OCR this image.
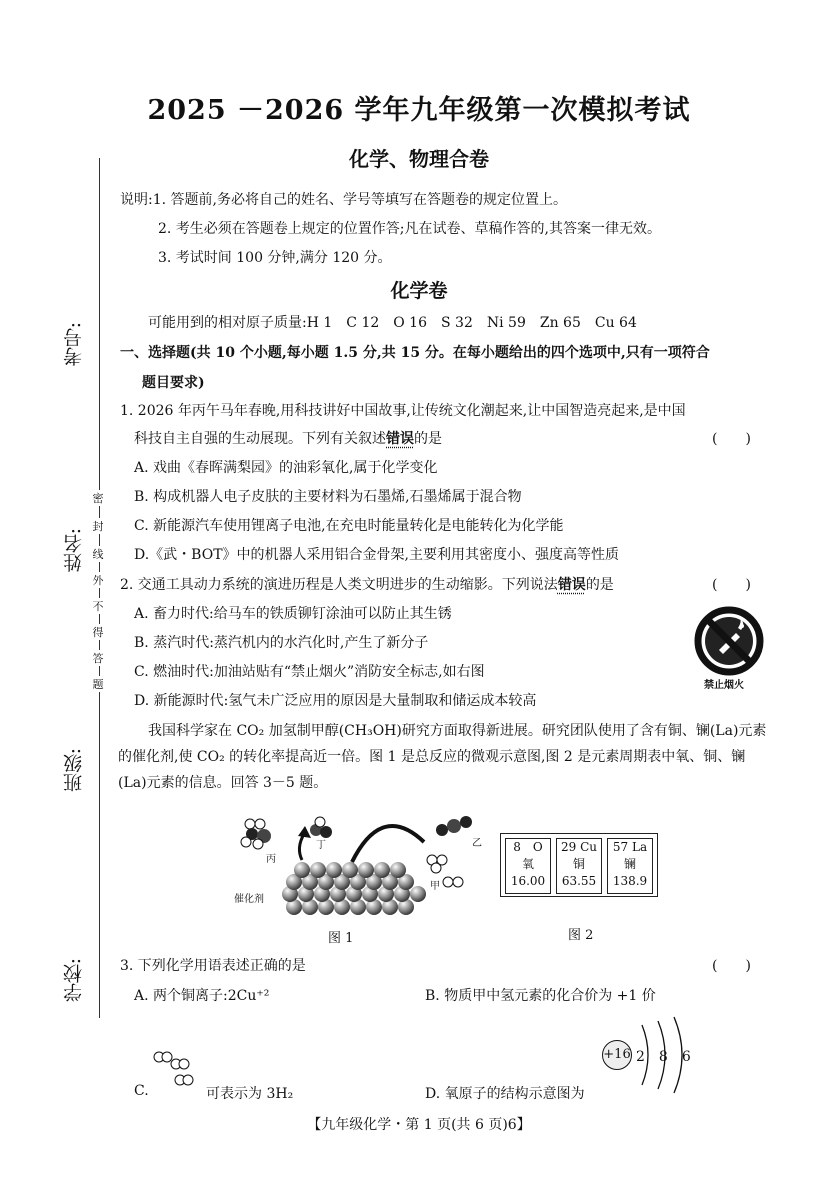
考号:
姓名:
班级:
学校:
密
封
线
外
不
得
答
题
2025 －2026 学年九年级第一次模拟考试
化学、物理合卷
说明:1. 答题前,务必将自己的姓名、学号等填写在答题卷的规定位置上。
2. 考生必须在答题卷上规定的位置作答;凡在试卷、草稿作答的,其答案一律无效。
3. 考试时间 100 分钟,满分 120 分。
化学卷
可能用到的相对原子质量:H 1　C 12　O 16　S 32　Ni 59　Zn 65　Cu 64
一、选择题(共 10 个小题,每小题 1.5 分,共 15 分。在每小题给出的四个选项中,只有一项符合
题目要求)
1. 2026 年丙午马年春晚,用科技讲好中国故事,让传统文化潮起来,让中国智造亮起来,是中国
科技自主自强的生动展现。下列有关叙述错误的是	(　　)
A. 戏曲《春晖满梨园》的油彩氧化,属于化学变化
B. 构成机器人电子皮肤的主要材料为石墨烯,石墨烯属于混合物
C. 新能源汽车使用锂离子电池,在充电时能量转化是电能转化为化学能
D.《武・BOT》中的机器人采用铝合金骨架,主要利用其密度小、强度高等性质
2. 交通工具动力系统的演进历程是人类文明进步的生动缩影。下列说法错误的是	(　　)
A. 畜力时代:给马车的铁质铆钉涂油可以防止其生锈
B. 蒸汽时代:蒸汽机内的水汽化时,产生了新分子
C. 燃油时代:加油站贴有“禁止烟火”消防安全标志,如右图
D. 新能源时代:氢气未广泛应用的原因是大量制取和储运成本较高
禁止烟火
我国科学家在 CO₂ 加氢制甲醇(CH₃OH)研究方面取得新进展。研究团队使用了含有铜、镧(La)元素的催化剂,使 CO₂ 的转化率提高近一倍。图 1 是总反应的微观示意图,图 2 是元素周期表中氧、铜、镧(La)元素的信息。回答 3－5 题。
丙
丁	乙
甲
催化剂
图 1
8　O
氧
16.00
29 Cu
铜
63.55
57 La
镧
138.9
图 2
3. 下列化学用语表述正确的是	(　　)
A. 两个铜离子:2Cu⁺²	B. 物质甲中氢元素的化合价为 +1 价
C.	可表示为 3H₂	D. 氧原子的结构示意图为
+16 2　8　6
【九年级化学・第 1 页(共 6 页)6】
